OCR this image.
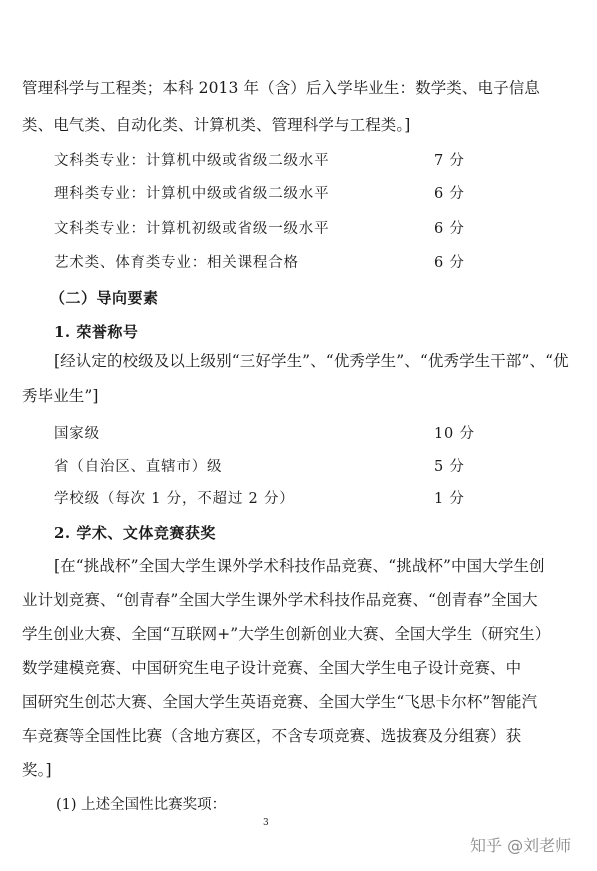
管理科学与工程类；本科 2013 年（含）后入学毕业生：数学类、电子信息
类、电气类、自动化类、计算机类、管理科学与工程类。]
文科类专业：计算机中级或省级二级水平	7 分
理科类专业：计算机中级或省级二级水平	6 分
文科类专业：计算机初级或省级一级水平	6 分
艺术类、体育类专业：相关课程合格	6 分
（二）导向要素
1. 荣誉称号
[经认定的校级及以上级别“三好学生”、“优秀学生”、“优秀学生干部”、“优
秀毕业生”]
国家级	10 分
省（自治区、直辖市）级	5 分
学校级（每次 1 分，不超过 2 分）	1 分
2. 学术、文体竞赛获奖
[在“挑战杯”全国大学生课外学术科技作品竞赛、“挑战杯”中国大学生创
业计划竞赛、“创青春”全国大学生课外学术科技作品竞赛、“创青春”全国大
学生创业大赛、全国“互联网+”大学生创新创业大赛、全国大学生（研究生）
数学建模竞赛、中国研究生电子设计竞赛、全国大学生电子设计竞赛、中
国研究生创芯大赛、全国大学生英语竞赛、全国大学生“飞思卡尔杯”智能汽
车竞赛等全国性比赛（含地方赛区，不含专项竞赛、选拔赛及分组赛）获
奖。]
(1) 上述全国性比赛奖项：
3
知乎 @刘老师
